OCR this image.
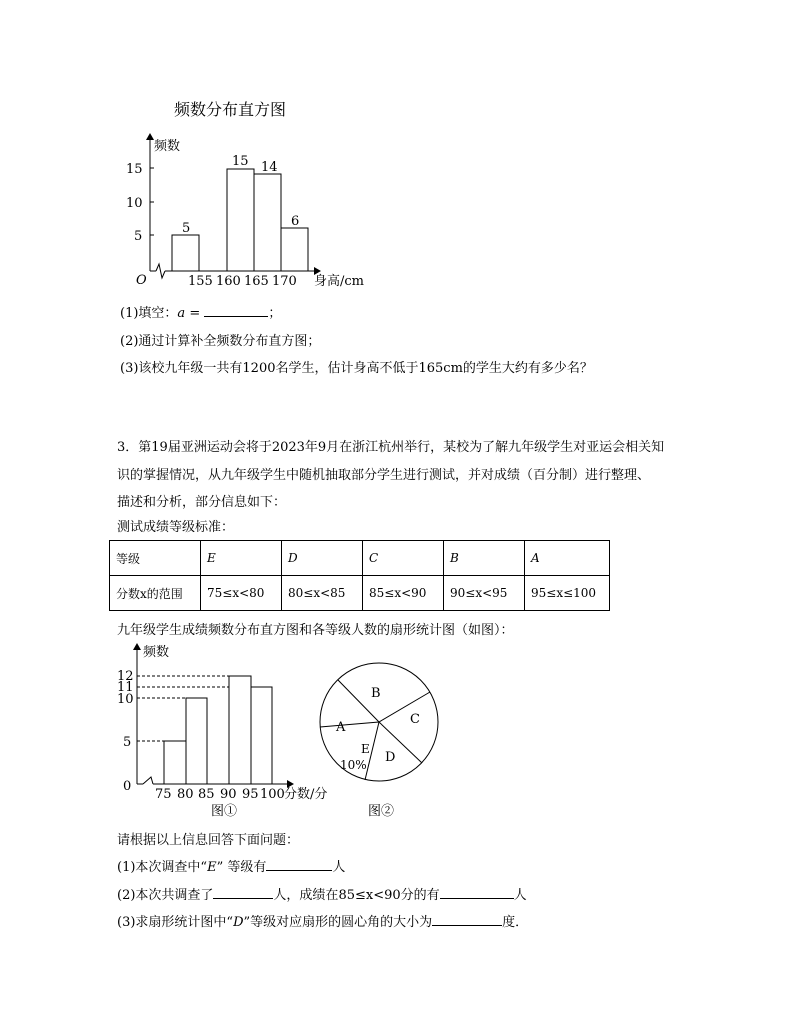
频数分布直方图
5
10
15
频数
O
5
15 14
6
155 160 165 170 身高/cm
(1)填空：a =	；
(2)通过计算补全频数分布直方图；
(3)该校九年级一共有1200名学生，估计身高不低于165cm的学生大约有多少名？
3．第19届亚洲运动会将于2023年9月在浙江杭州举行，某校为了解九年级学生对亚运会相关知
识的掌握情况，从九年级学生中随机抽取部分学生进行测试，并对成绩（百分制）进行整理、
描述和分析，部分信息如下：
测试成绩等级标准：
等级	E	D	C	B	A
分数x的范围	75≤x<80	80≤x<85	85≤x<90	90≤x<95	95≤x≤100
九年级学生成绩频数分布直方图和各等级人数的扇形统计图（如图）：
5
10
11
12
0
频数
75 80 85 90 95 100 分数/分
图①
A
B
C
D
E
10%
图②
请根据以上信息回答下面问题：
(1)本次调查中“E” 等级有	人
(2)本次共调查了	人，成绩在85≤x<90分的有	人
(3)求扇形统计图中“D”等级对应扇形的圆心角的大小为	度．
